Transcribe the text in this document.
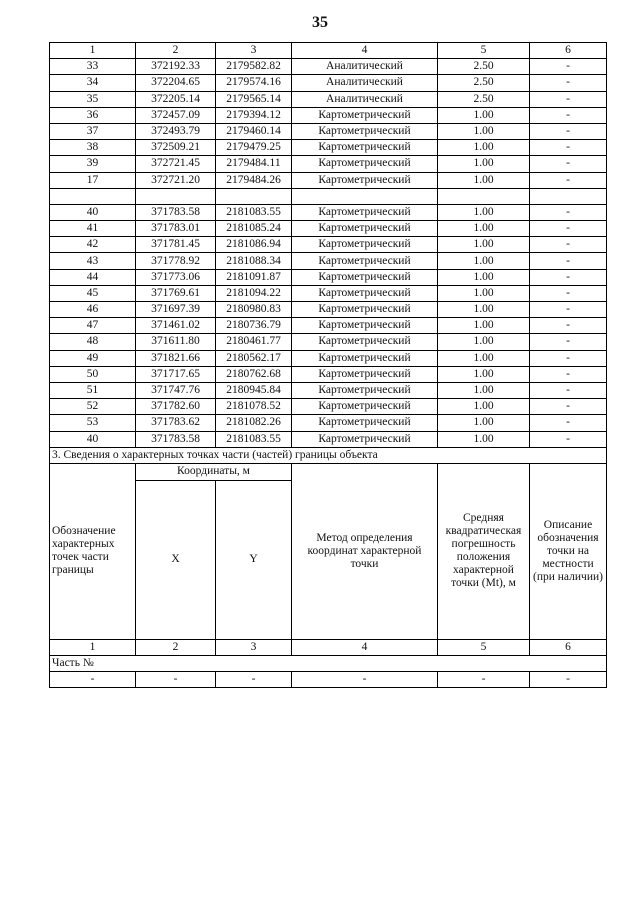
35
1	2	3	4	5	6
33	372192.33	2179582.82	Аналитический	2.50	-
34	372204.65	2179574.16	Аналитический	2.50	-
35	372205.14	2179565.14	Аналитический	2.50	-
36	372457.09	2179394.12	Картометрический	1.00	-
37	372493.79	2179460.14	Картометрический	1.00	-
38	372509.21	2179479.25	Картометрический	1.00	-
39	372721.45	2179484.11	Картометрический	1.00	-
17	372721.20	2179484.26	Картометрический	1.00	-

40	371783.58	2181083.55	Картометрический	1.00	-
41	371783.01	2181085.24	Картометрический	1.00	-
42	371781.45	2181086.94	Картометрический	1.00	-
43	371778.92	2181088.34	Картометрический	1.00	-
44	371773.06	2181091.87	Картометрический	1.00	-
45	371769.61	2181094.22	Картометрический	1.00	-
46	371697.39	2180980.83	Картометрический	1.00	-
47	371461.02	2180736.79	Картометрический	1.00	-
48	371611.80	2180461.77	Картометрический	1.00	-
49	371821.66	2180562.17	Картометрический	1.00	-
50	371717.65	2180762.68	Картометрический	1.00	-
51	371747.76	2180945.84	Картометрический	1.00	-
52	371782.60	2181078.52	Картометрический	1.00	-
53	371783.62	2181082.26	Картометрический	1.00	-
40	371783.58	2181083.55	Картометрический	1.00	-
3. Сведения о характерных точках части (частей) границы объекта					
Обозначение характерных точек части границы	Координаты, м		Метод определения координат характерной точки	Средняя квадратическая погрешность положения характерной точки (Mt), м	Описание обозначения точки на местности (при наличии)
	X	Y			
1	2	3	4	5	6
Часть №					
-	-	-	-	-	-
